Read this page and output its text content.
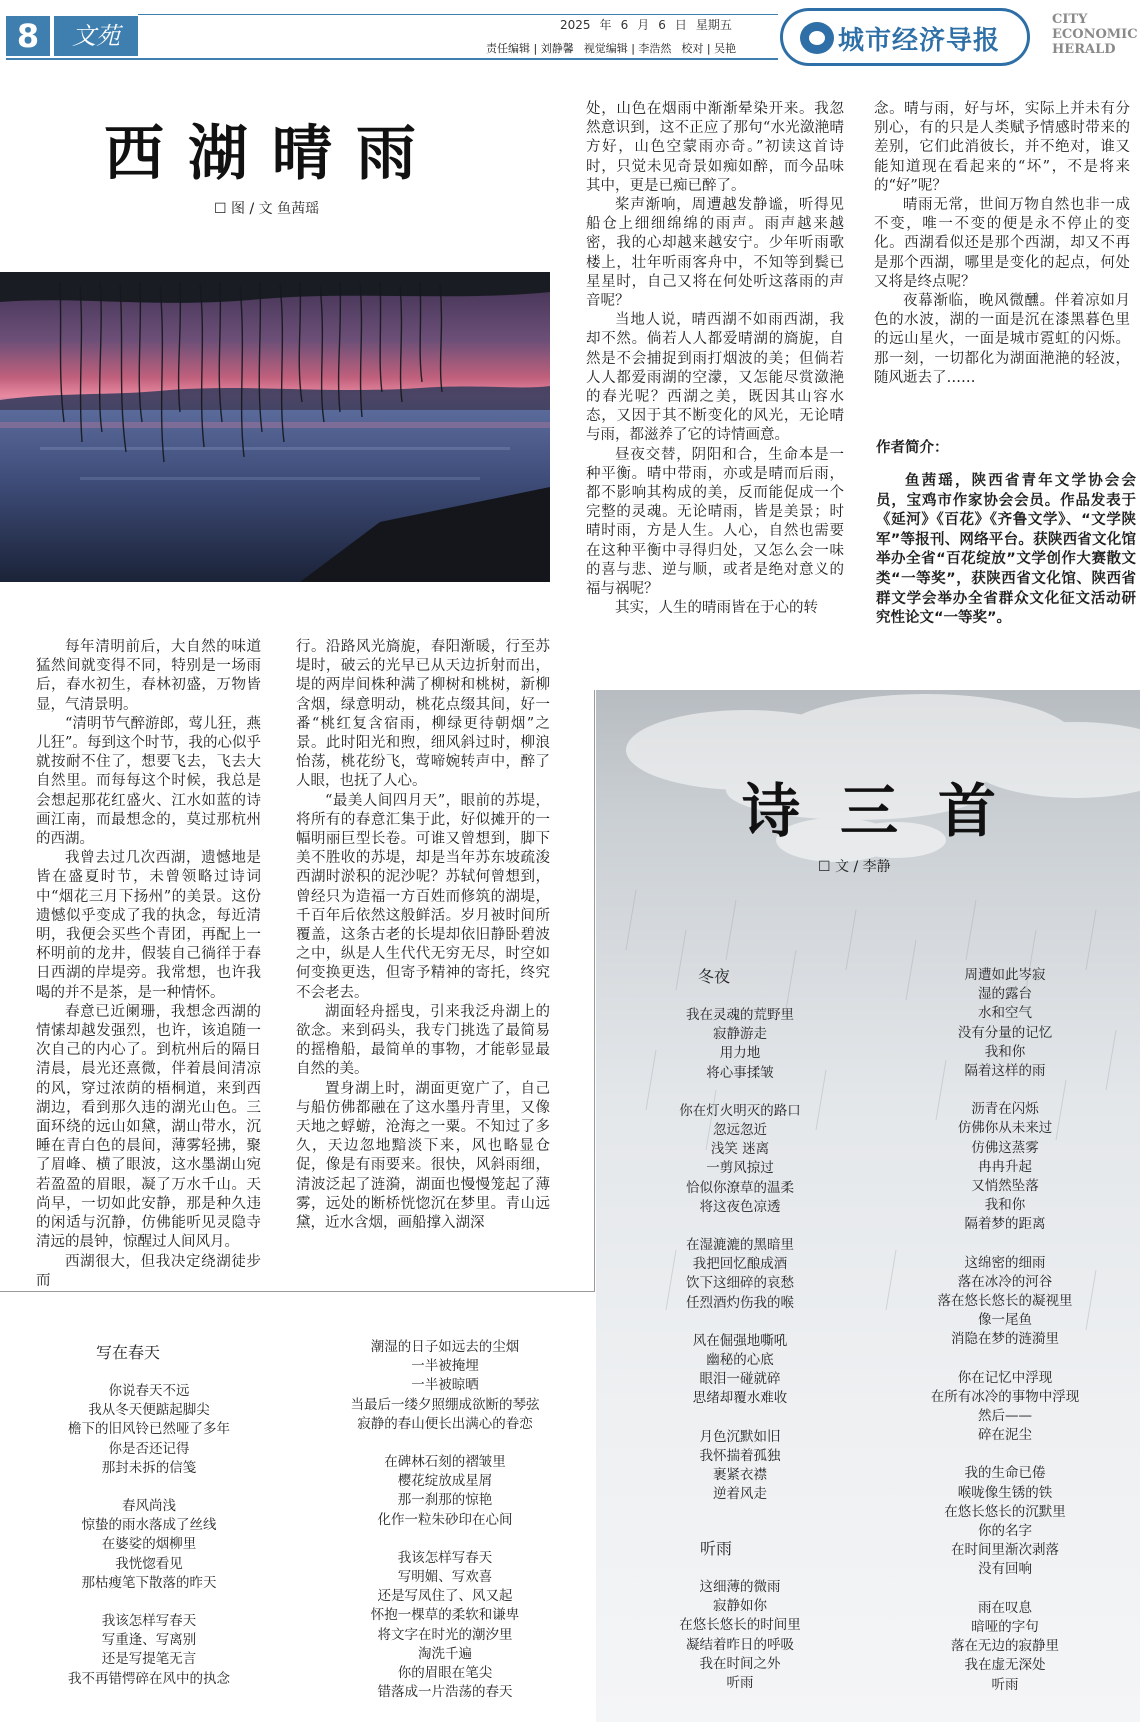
8	文苑	2025 年 6 月 6 日 星期五
责任编辑 | 刘静馨 视觉编辑 | 李浩然 校对 | 吴艳	城市经济导报
CITY
ECONOMIC
HERALD
西湖晴雨
☐ 图 / 文 鱼茜瑶

每年清明前后，大自然的味道猛然间就变得不同，特别是一场雨后，春水初生，春林初盛，万物皆显，气清景明。

“清明节气醉游郎，莺儿狂，燕儿狂”。每到这个时节，我的心似乎就按耐不住了，想要飞去，飞去大自然里。而每每这个时候，我总是会想起那花红盛火、江水如蓝的诗画江南，而最想念的，莫过那杭州的西湖。

我曾去过几次西湖，遗憾地是皆在盛夏时节，未曾领略过诗词中“烟花三月下扬州”的美景。这份遗憾似乎变成了我的执念，每近清明，我便会买些个青团，再配上一杯明前的龙井，假装自己徜徉于春日西湖的岸堤旁。我常想，也许我喝的并不是茶，是一种情怀。

春意已近阑珊，我想念西湖的情愫却越发强烈，也许，该追随一次自己的内心了。到杭州后的隔日清晨，晨光还熹微，伴着晨间清凉的风，穿过浓荫的梧桐道，来到西湖边，看到那久违的湖光山色。三面环绕的远山如黛，湖山带水，沉睡在青白色的晨间，薄雾轻拂，聚了眉峰、横了眼波，这水墨湖山宛若盈盈的眉眼，凝了万水千山。天尚早，一切如此安静，那是种久违的闲适与沉静，仿佛能听见灵隐寺清远的晨钟，惊醒过人间风月。

西湖很大，但我决定绕湖徒步而

行。沿路风光旖旎，春阳渐暖，行至苏堤时，破云的光早已从天边折射而出，堤的两岸间株种满了柳树和桃树，新柳含烟，绿意明动，桃花点缀其间，好一番“桃红复含宿雨，柳绿更待朝烟”之景。此时阳光和煦，细风斜过时，柳浪怡荡，桃花纷飞，莺啼婉转声中，醉了人眼，也抚了人心。

“最美人间四月天”，眼前的苏堤，将所有的春意汇集于此，好似摊开的一幅明丽巨型长卷。可谁又曾想到，脚下美不胜收的苏堤，却是当年苏东坡疏浚西湖时淤积的泥沙呢？苏轼何曾想到，曾经只为造福一方百姓而修筑的湖堤，千百年后依然这般鲜活。岁月被时间所覆盖，这条古老的长堤却依旧静卧碧波之中，纵是人生代代无穷无尽，时空如何变换更迭，但寄予精神的寄托，终究不会老去。

湖面轻舟摇曳，引来我泛舟湖上的欲念。来到码头，我专门挑选了最简易的摇橹船，最简单的事物，才能彰显最自然的美。

置身湖上时，湖面更宽广了，自己与船仿佛都融在了这水墨丹青里，又像天地之蜉蝣，沧海之一粟。不知过了多久，天边忽地黯淡下来，风也略显仓促，像是有雨要来。很快，风斜雨细，清波泛起了涟漪，湖面也慢慢笼起了薄雾，远处的断桥恍惚沉在梦里。青山远黛，近水含烟，画船撑入湖深

处，山色在烟雨中渐渐晕染开来。我忽然意识到，这不正应了那句“水光潋滟晴方好，山色空蒙雨亦奇。”初读这首诗时，只觉未见奇景如痴如醉，而今品味其中，更是已痴已醉了。

桨声渐响，周遭越发静谧，听得见船仓上细细绵绵的雨声。雨声越来越密，我的心却越来越安宁。少年听雨歌楼上，壮年听雨客舟中，不知等到鬓已星星时，自己又将在何处听这落雨的声音呢？

当地人说，晴西湖不如雨西湖，我却不然。倘若人人都爱晴湖的旖旎，自然是不会捕捉到雨打烟波的美；但倘若人人都爱雨湖的空濛，又怎能尽赏潋滟的春光呢？西湖之美，既因其山容水态，又因于其不断变化的风光，无论晴与雨，都滋养了它的诗情画意。

昼夜交替，阴阳和合，生命本是一种平衡。晴中带雨，亦或是晴而后雨，都不影响其构成的美，反而能促成一个完整的灵魂。无论晴雨，皆是美景；时晴时雨，方是人生。人心，自然也需要在这种平衡中寻得归处，又怎么会一味的喜与悲、逆与顺，或者是绝对意义的福与祸呢？

其实，人生的晴雨皆在于心的转

念。晴与雨，好与坏，实际上并未有分别心，有的只是人类赋予情感时带来的差别，它们此消彼长，并不绝对，谁又能知道现在看起来的“坏”，不是将来的“好”呢？

晴雨无常，世间万物自然也非一成不变，唯一不变的便是永不停止的变化。西湖看似还是那个西湖，却又不再是那个西湖，哪里是变化的起点，何处又将是终点呢？

夜幕渐临，晚风微醺。伴着凉如月色的水波，湖的一面是沉在漆黑暮色里的远山星火，一面是城市霓虹的闪烁。那一刻，一切都化为湖面滟滟的轻波，随风逝去了……

作者简介：
鱼茜瑶，陕西省青年文学协会会员，宝鸡市作家协会会员。作品发表于《延河》《百花》《齐鲁文学》、“文学陕军”等报刊、网络平台。获陕西省文化馆举办全省“百花绽放”文学创作大赛散文类“一等奖”，获陕西省文化馆、陕西省群文学会举办全省群众文化征文活动研究性论文“一等奖”。
诗三首
☐ 文 / 李静
写在春天
你说春天不远
我从冬天便踮起脚尖
檐下的旧风铃已然哑了多年
你是否还记得
那封未拆的信笺
春风尚浅
惊蛰的雨水落成了丝线
在婆娑的烟柳里
我恍惚看见
那枯瘦笔下散落的昨天
我该怎样写春天
写重逢、写离别
还是写提笔无言
我不再错愕碎在风中的执念
潮湿的日子如远去的尘烟
一半被掩埋
一半被晾晒
当最后一缕夕照绷成欲断的琴弦
寂静的春山便长出满心的眷恋
在碑林石刻的褶皱里
樱花绽放成星屑
那一刹那的惊艳
化作一粒朱砂印在心间
我该怎样写春天
写明媚、写欢喜
还是写凤住了、风又起
怀抱一棵草的柔软和谦卑
将文字在时光的潮汐里
淘洗千遍
你的眉眼在笔尖
错落成一片浩荡的春天
冬夜
我在灵魂的荒野里
寂静游走
用力地
将心事揉皱
你在灯火明灭的路口
忽远忽近
浅笑 迷离
一剪风掠过
恰似你潦草的温柔
将这夜色凉透
在湿漉漉的黑暗里
我把回忆酿成酒
饮下这细碎的哀愁
任烈酒灼伤我的喉
风在倔强地嘶吼
幽秘的心底
眼泪一碰就碎
思绪却覆水难收
月色沉默如旧
我怀揣着孤独
裹紧衣襟
逆着风走
周遭如此岑寂
湿的露台
水和空气
没有分量的记忆
我和你
隔着这样的雨
沥青在闪烁
仿佛你从未来过
仿佛这蒸雾
冉冉升起
又悄然坠落
我和你
隔着梦的距离
这绵密的细雨
落在冰冷的河谷
落在悠长悠长的凝视里
像一尾鱼
消隐在梦的涟漪里
你在记忆中浮现
在所有冰冷的事物中浮现
然后——
碎在泥尘
我的生命已倦
喉咙像生锈的铁
在悠长悠长的沉默里
你的名字
在时间里渐次剥落
没有回响
雨在叹息
暗哑的字句
落在无边的寂静里
我在虚无深处
听雨
听雨
这细薄的微雨
寂静如你
在悠长悠长的时间里
凝结着昨日的呼吸
我在时间之外
听雨
